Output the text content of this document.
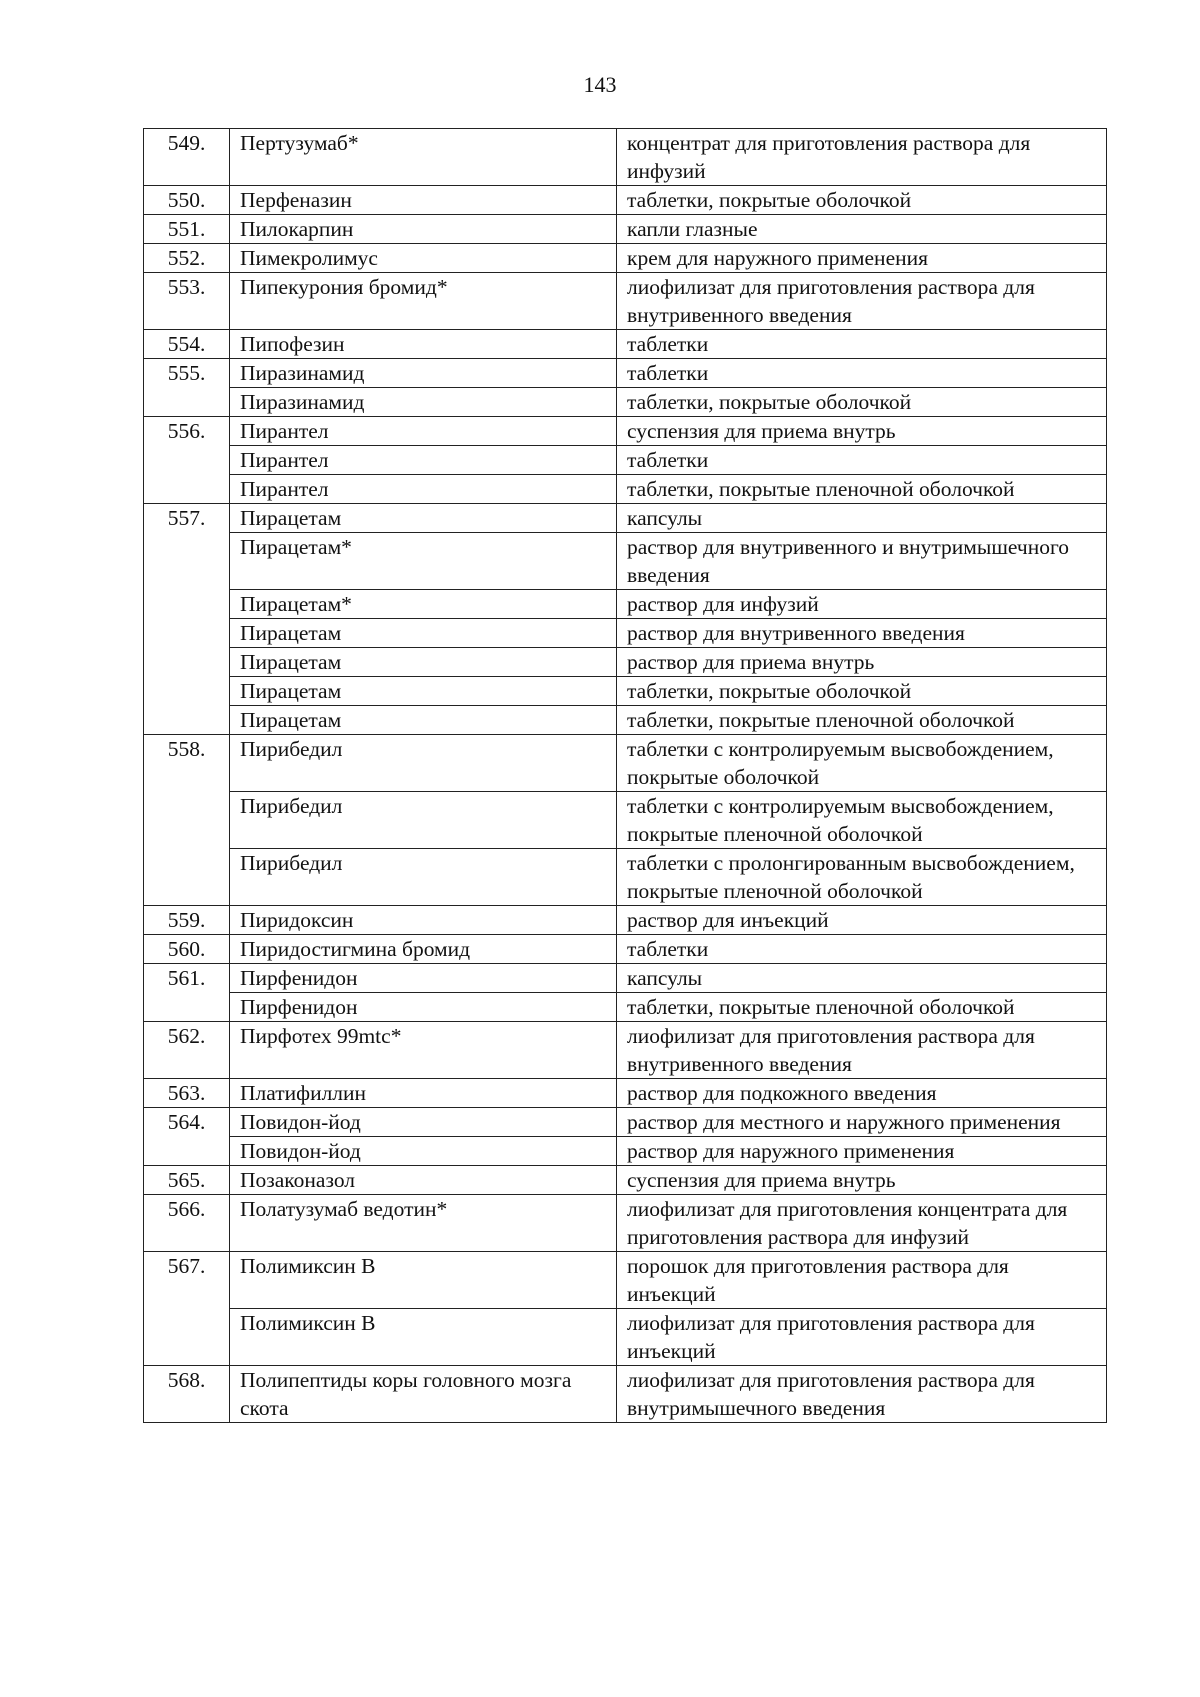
143
549.	Пертузумаб*	концентрат для приготовления раствора для инфузий
550.	Перфеназин	таблетки, покрытые оболочкой
551.	Пилокарпин	капли глазные
552.	Пимекролимус	крем для наружного применения
553.	Пипекурония бромид*	лиофилизат для приготовления раствора для внутривенного введения
554.	Пипофезин	таблетки
555.	Пиразинамид	таблетки
	Пиразинамид	таблетки, покрытые оболочкой
556.	Пирантел	суспензия для приема внутрь
	Пирантел	таблетки
	Пирантел	таблетки, покрытые пленочной оболочкой
557.	Пирацетам	капсулы
	Пирацетам*	раствор для внутривенного и внутримышечного введения
	Пирацетам*	раствор для инфузий
	Пирацетам	раствор для внутривенного введения
	Пирацетам	раствор для приема внутрь
	Пирацетам	таблетки, покрытые оболочкой
	Пирацетам	таблетки, покрытые пленочной оболочкой
558.	Пирибедил	таблетки с контролируемым высвобождением, покрытые оболочкой
	Пирибедил	таблетки с контролируемым высвобождением, покрытые пленочной оболочкой
	Пирибедил	таблетки с пролонгированным высвобождением, покрытые пленочной оболочкой
559.	Пиридоксин	раствор для инъекций
560.	Пиридостигмина бромид	таблетки
561.	Пирфенидон	капсулы
	Пирфенидон	таблетки, покрытые пленочной оболочкой
562.	Пирфотех 99mtc*	лиофилизат для приготовления раствора для внутривенного введения
563.	Платифиллин	раствор для подкожного введения
564.	Повидон-йод	раствор для местного и наружного применения
	Повидон-йод	раствор для наружного применения
565.	Позаконазол	суспензия для приема внутрь
566.	Полатузумаб ведотин*	лиофилизат для приготовления концентрата для приготовления раствора для инфузий
567.	Полимиксин В	порошок для приготовления раствора для инъекций
	Полимиксин В	лиофилизат для приготовления раствора для инъекций
568.	Полипептиды коры головного мозга скота	лиофилизат для приготовления раствора для внутримышечного введения
